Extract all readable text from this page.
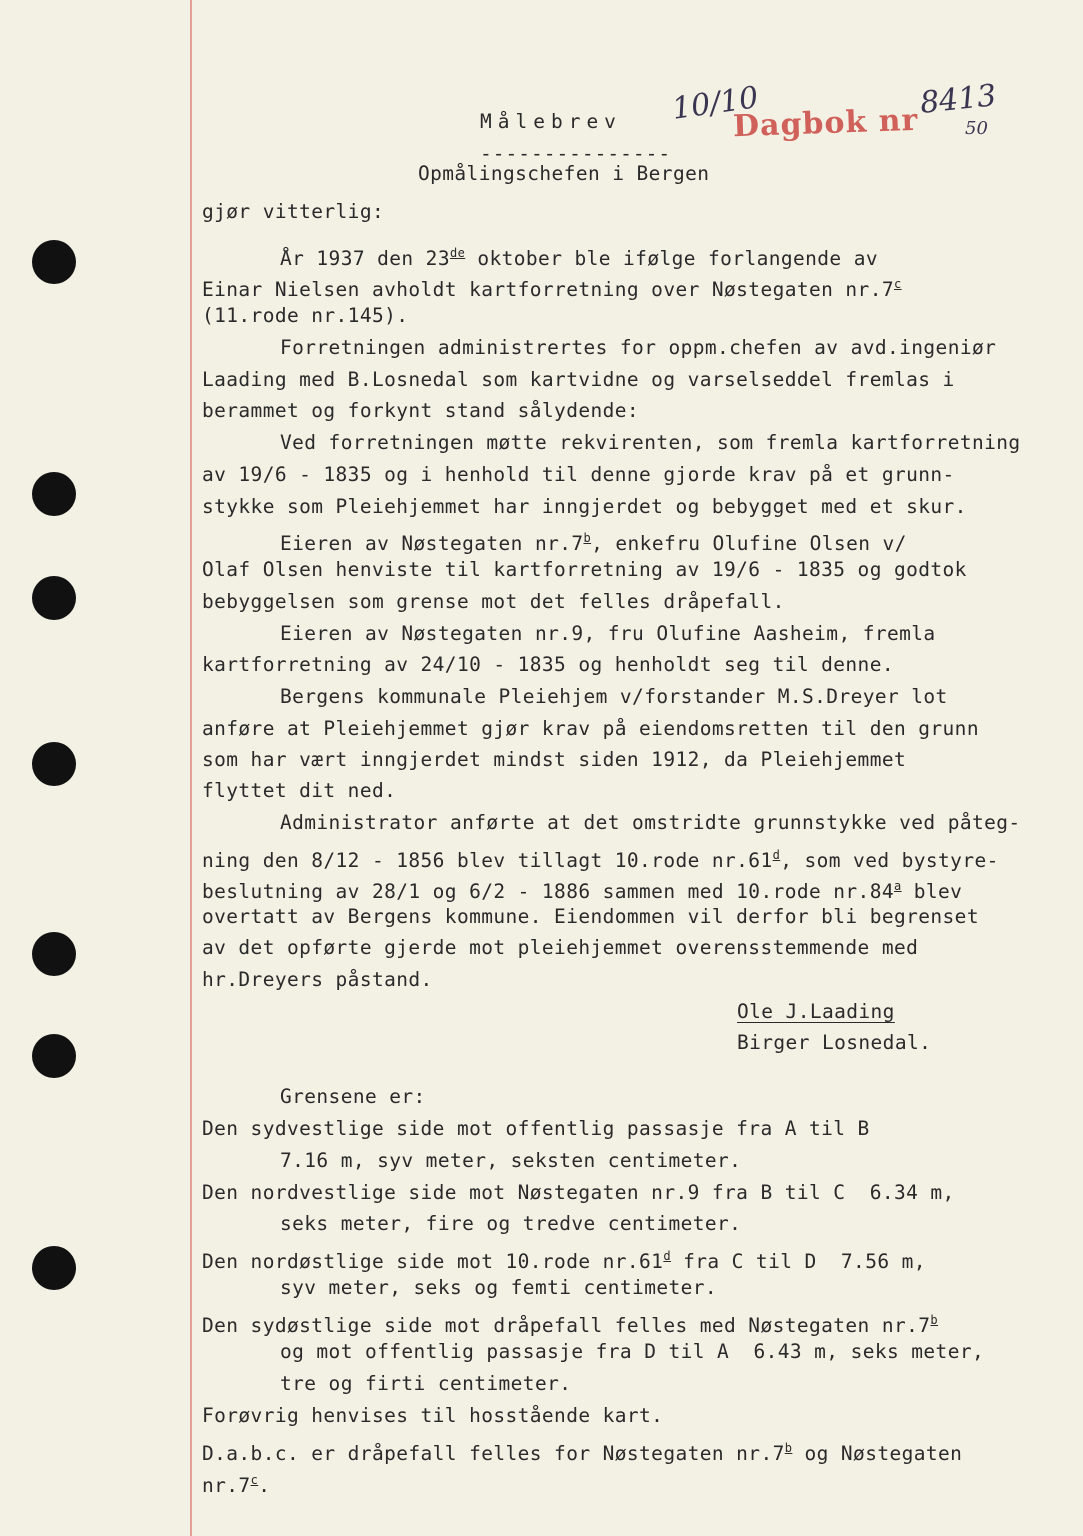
Målebrev
---------------
10/10
Dagbok nr
8413
50
Opmålingschefen i Bergen
gjør vitterlig:
År 1937 den 23de oktober ble ifølge forlangende av
Einar Nielsen avholdt kartforretning over Nøstegaten nr.7$^c$
(11.rode nr.145).
Forretningen administrertes for oppm.chefen av avd.ingeniør
Laading med B.Losnedal som kartvidne og varselseddel fremlas i
berammet og forkynt stand sålydende:
Ved forretningen møtte rekvirenten, som fremla kartforretning
av 19/6 - 1835 og i henhold til denne gjorde krav på et grunn-
stykke som Pleiehjemmet har inngjerdet og bebygget med et skur.
Eieren av Nøstegaten nr.7$^b$, enkefru Olufine Olsen v/
Olaf Olsen henviste til kartforretning av 19/6 - 1835 og godtok
bebyggelsen som grense mot det felles dråpefall.
Eieren av Nøstegaten nr.9, fru Olufine Aasheim, fremla
kartforretning av 24/10 - 1835 og henholdt seg til denne.
Bergens kommunale Pleiehjem v/forstander M.S.Dreyer lot
anføre at Pleiehjemmet gjør krav på eiendomsretten til den grunn
som har vært inngjerdet mindst siden 1912, da Pleiehjemmet
flyttet dit ned.
Administrator anførte at det omstridte grunnstykke ved påteg-
ning den 8/12 - 1856 blev tillagt 10.rode nr.61$^d$, som ved bystyre-
beslutning av 28/1 og 6/2 - 1886 sammen med 10.rode nr.84$^a$ blev
overtatt av Bergens kommune. Eiendommen vil derfor bli begrenset
av det opførte gjerde mot pleiehjemmet overensstemmende med
hr.Dreyers påstand.
Ole J.Laading
Birger Losnedal.
Grensene er:
Den sydvestlige side mot offentlig passasje fra A til B
7.16 m, syv meter, seksten centimeter.
Den nordvestlige side mot Nøstegaten nr.9 fra B til C  6.34 m,
seks meter, fire og tredve centimeter.
Den nordøstlige side mot 10.rode nr.61$^d$ fra C til D  7.56 m,
syv meter, seks og femti centimeter.
Den sydøstlige side mot dråpefall felles med Nøstegaten nr.7$^b$
og mot offentlig passasje fra D til A  6.43 m, seks meter,
tre og firti centimeter.
Forøvrig henvises til hosstående kart.
D.a.b.c. er dråpefall felles for Nøstegaten nr.7$^b$ og Nøstegaten
nr.7$^c$.
